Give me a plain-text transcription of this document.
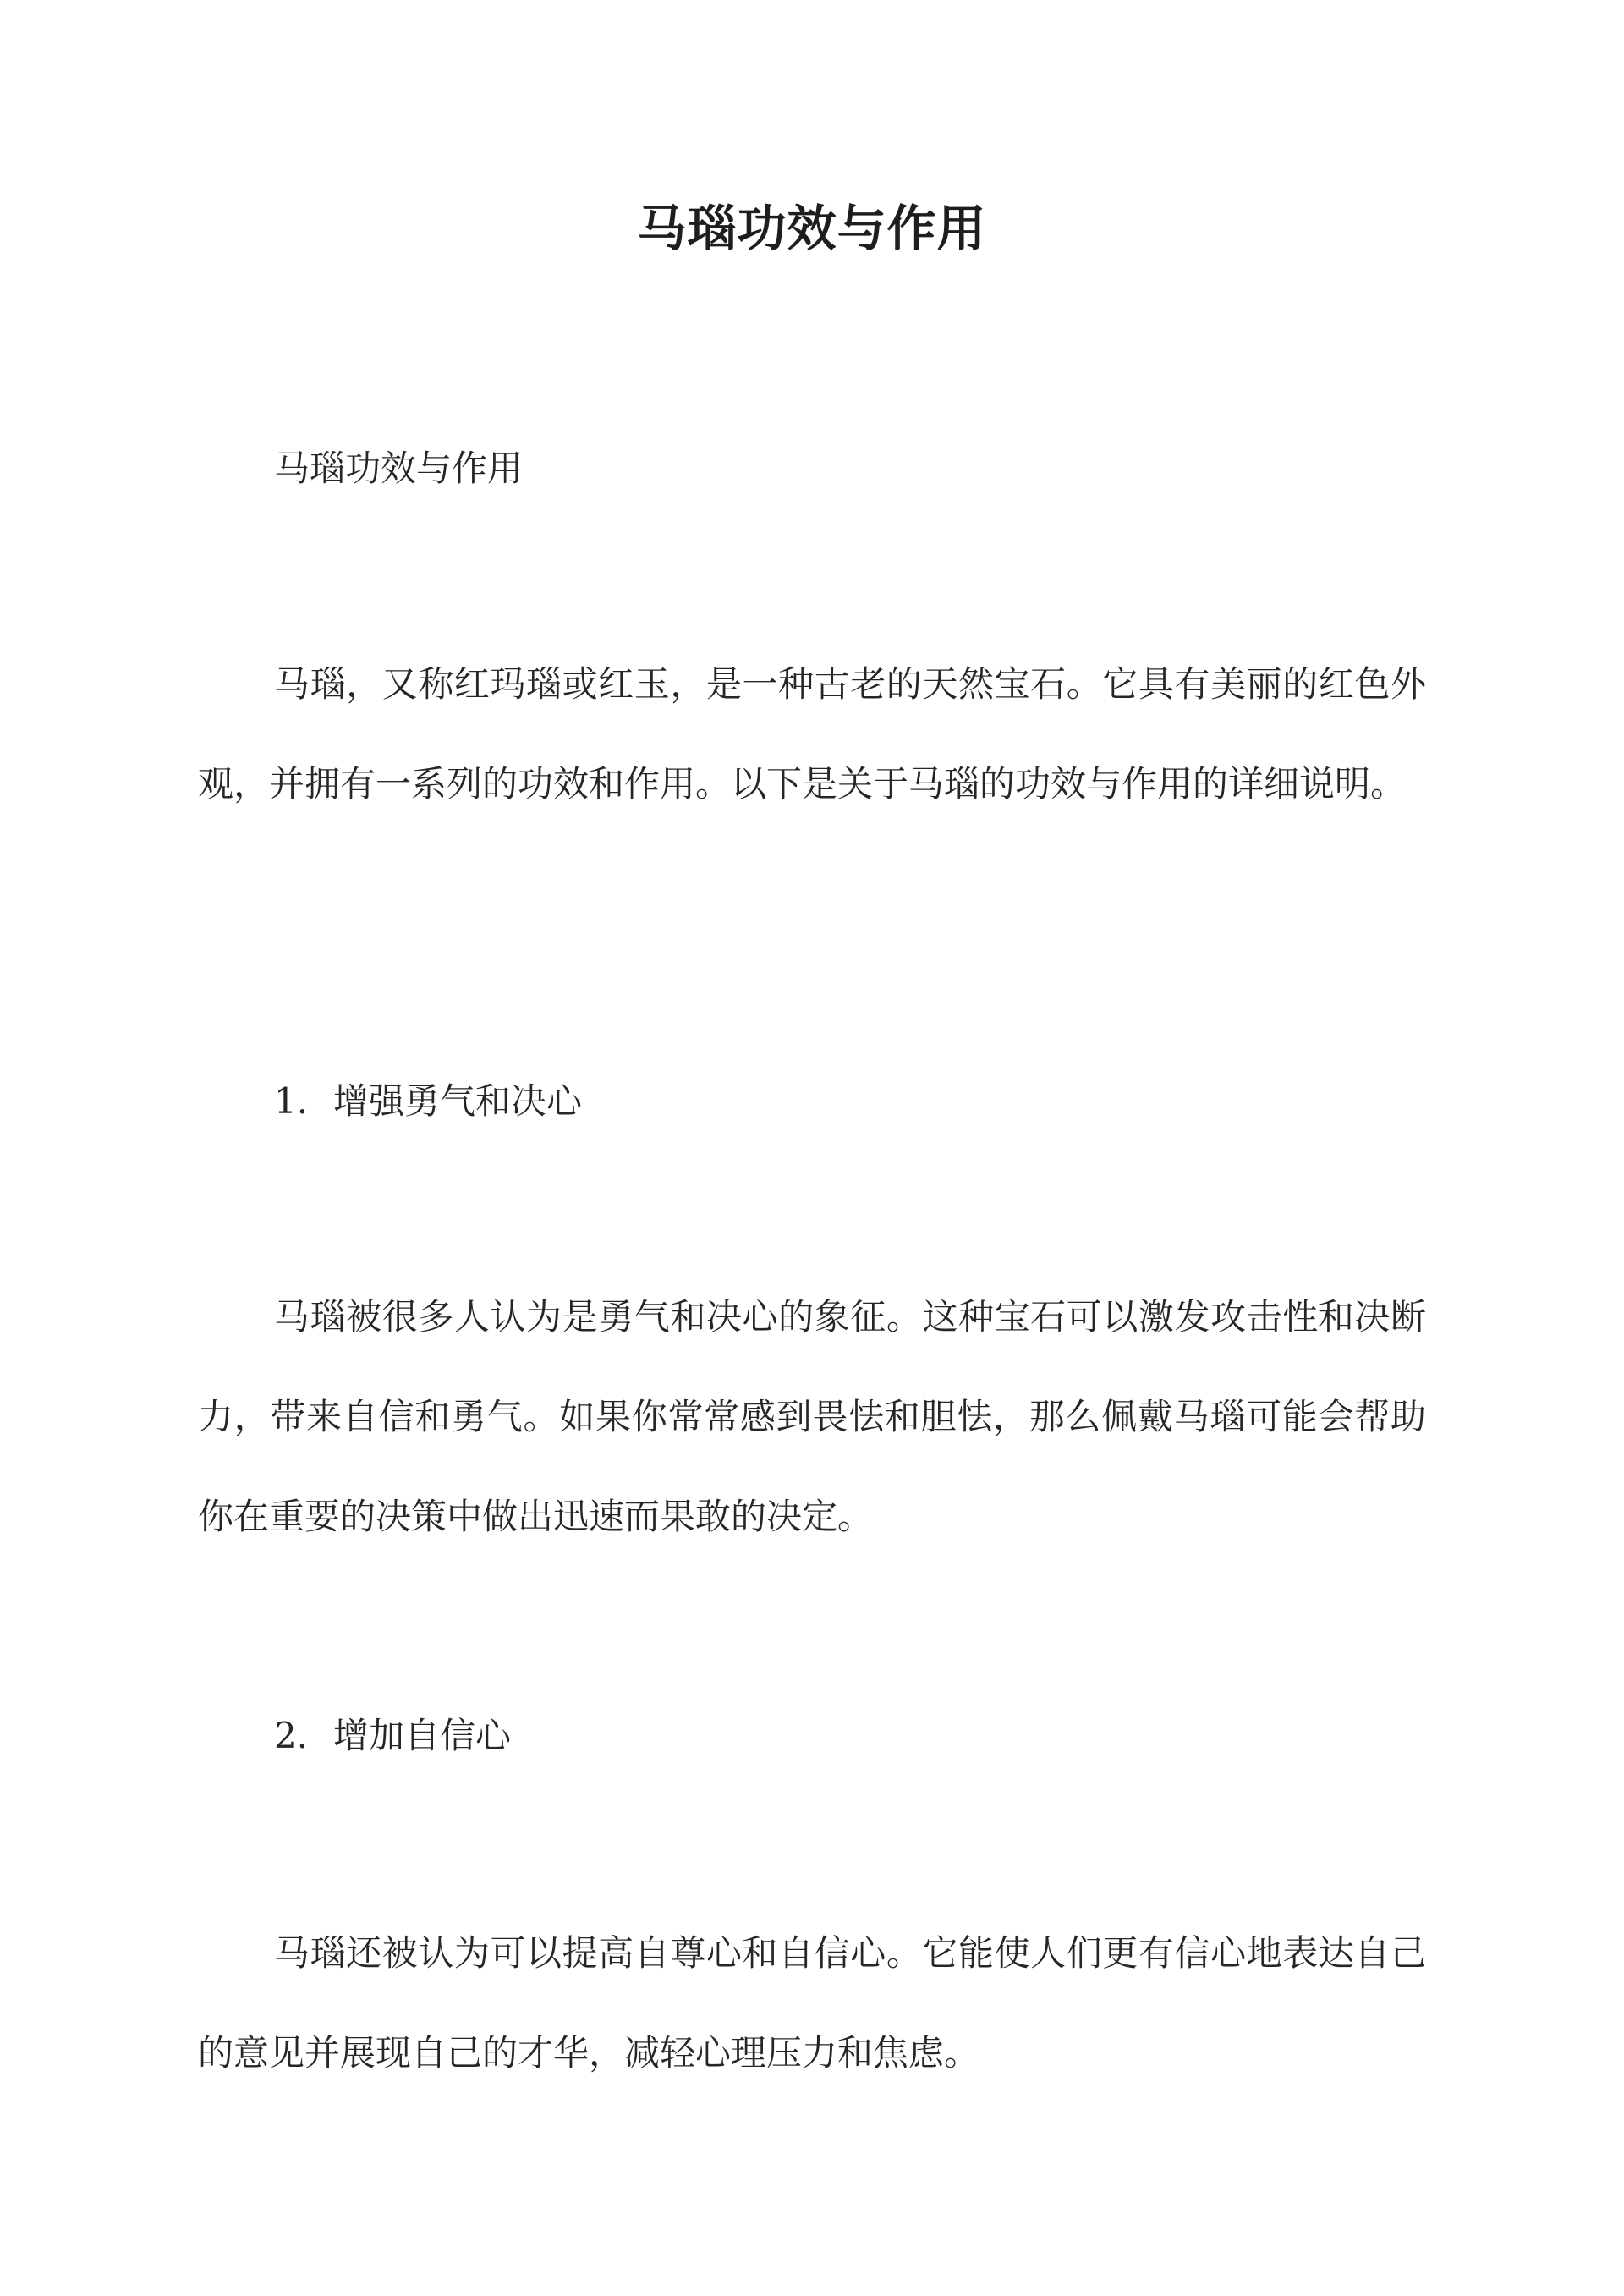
马瑙功效与作用

马瑙功效与作用

马瑙，又称红玛瑙或红玉，是一种古老的天然宝石。它具有美丽的红色外观，并拥有一系列的功效和作用。以下是关于马瑙的功效与作用的详细说明。

1. 增强勇气和决心

马瑙被很多人认为是勇气和决心的象征。这种宝石可以激发攻击性和决断力，带来自信和勇气。如果你常常感到畏怯和胆怯，那么佩戴马瑙可能会帮助你在重要的决策中做出迅速而果敢的决定。

2. 增加自信心

马瑙还被认为可以提高自尊心和自信心。它能使人们更有信心地表达自己的意见并展现自己的才华，减轻心理压力和焦虑。
